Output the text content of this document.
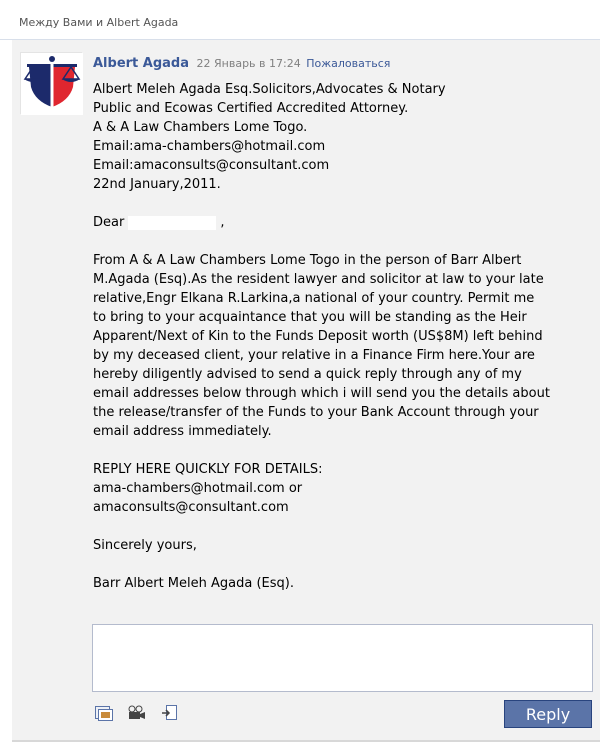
Между Вами и Albert Agada
Albert Agada 22 Январь в 17:24 Пожаловаться
Albert Meleh Agada Esq.Solicitors,Advocates & Notary
Public and Ecowas Certified Accredited Attorney.
A & A Law Chambers Lome Togo.
Email:ama-chambers@hotmail.com
Email:amaconsults@consultant.com
22nd January,2011.
Dear	,
From A & A Law Chambers Lome Togo in the person of Barr Albert
M.Agada (Esq).As the resident lawyer and solicitor at law to your late
relative,Engr Elkana R.Larkina,a national of your country. Permit me
to bring to your acquaintance that you will be standing as the Heir
Apparent/Next of Kin to the Funds Deposit worth (US$8M) left behind
by my deceased client, your relative in a Finance Firm here.Your are
hereby diligently advised to send a quick reply through any of my
email addresses below through which i will send you the details about
the release/transfer of the Funds to your Bank Account through your
email address immediately.
REPLY HERE QUICKLY FOR DETAILS:
ama-chambers@hotmail.com or
amaconsults@consultant.com
Sincerely yours,
Barr Albert Meleh Agada (Esq).
Reply
